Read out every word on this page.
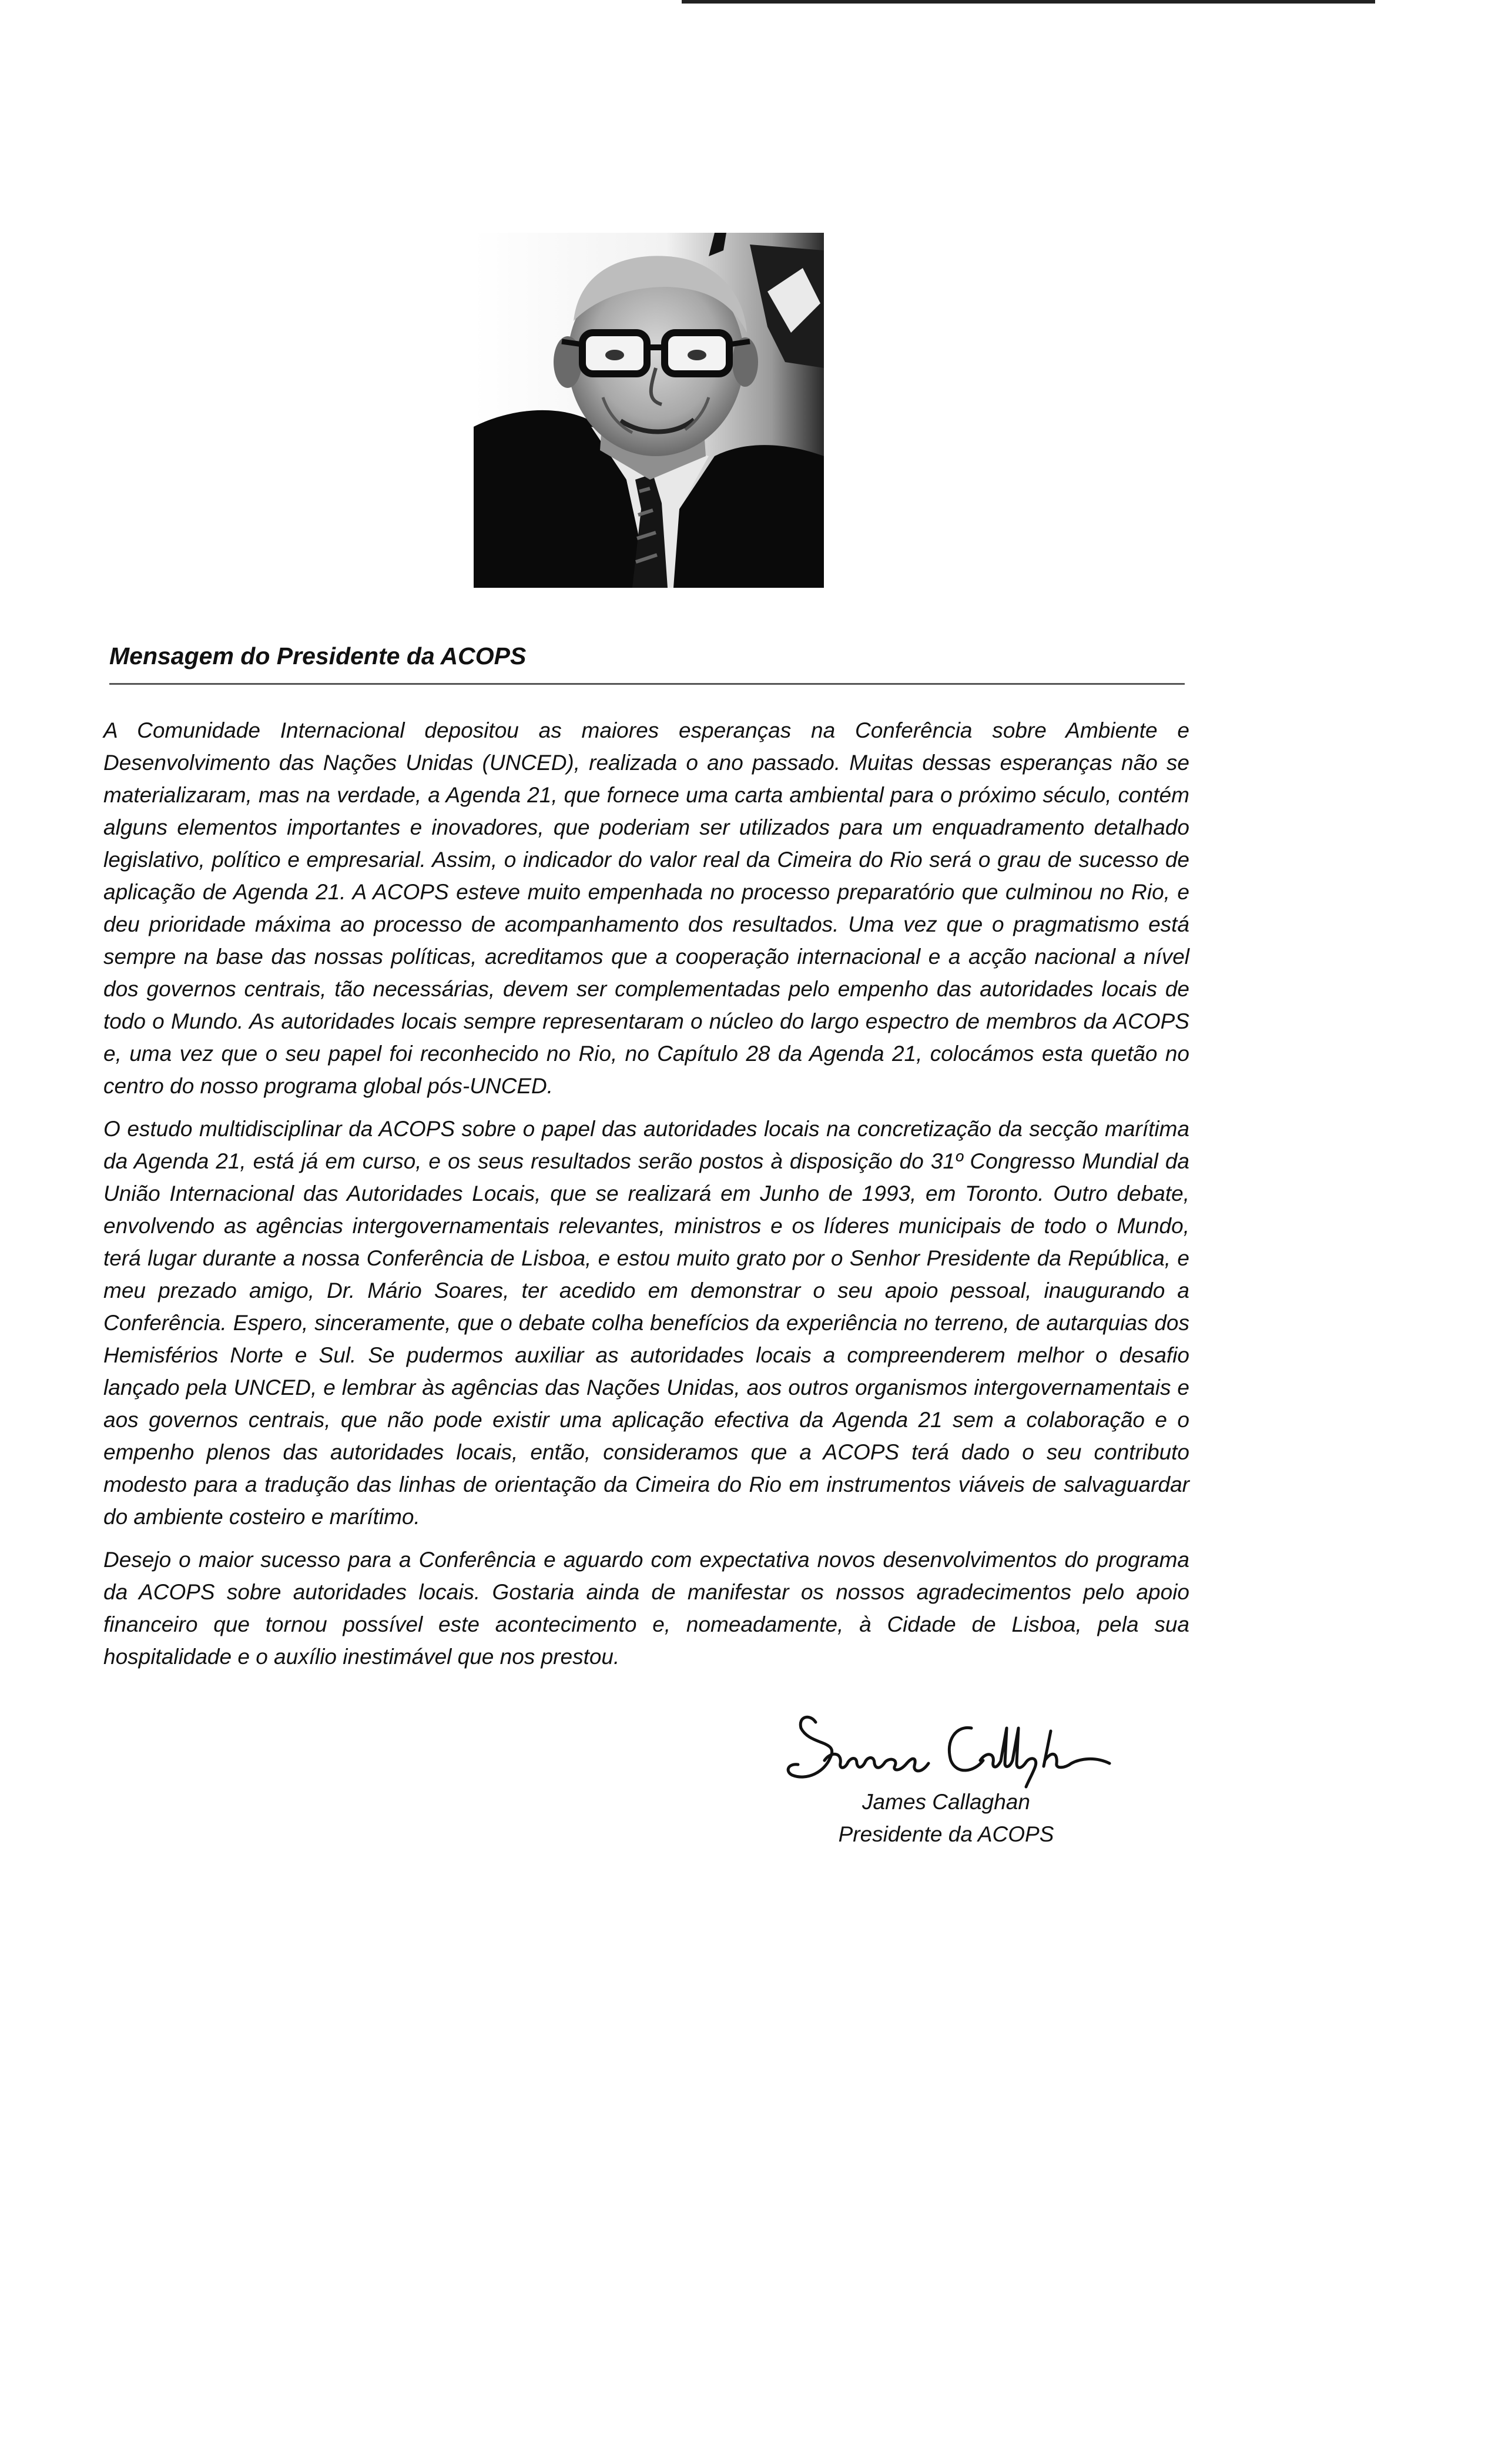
Mensagem do Presidente da ACOPS

A Comunidade Internacional depositou as maiores esperanças na Conferência sobre Ambiente e Desenvolvimento das Nações Unidas (UNCED), realizada o ano passado. Muitas dessas esperanças não se materializaram, mas na verdade, a Agenda 21, que fornece uma carta ambiental para o próximo século, contém alguns elementos importantes e inovadores, que poderiam ser utilizados para um enquadramento detalhado legislativo, político e empresarial. Assim, o indicador do valor real da Cimeira do Rio será o grau de sucesso de aplicação de Agenda 21. A ACOPS esteve muito empenhada no processo preparatório que culminou no Rio, e deu prioridade máxima ao processo de acompanhamento dos resultados. Uma vez que o pragmatismo está sempre na base das nossas políticas, acreditamos que a cooperação internacional e a acção nacional a nível dos governos centrais, tão necessárias, devem ser complementadas pelo empenho das autoridades locais de todo o Mundo. As autoridades locais sempre representaram o núcleo do largo espectro de membros da ACOPS e, uma vez que o seu papel foi reconhecido no Rio, no Capítulo 28 da Agenda 21, colocámos esta quetão no centro do nosso programa global pós-UNCED.

O estudo multidisciplinar da ACOPS sobre o papel das autoridades locais na concretização da secção marítima da Agenda 21, está já em curso, e os seus resultados serão postos à disposição do 31º Congresso Mundial da União Internacional das Autoridades Locais, que se realizará em Junho de 1993, em Toronto. Outro debate, envolvendo as agências intergovernamentais relevantes, ministros e os líderes municipais de todo o Mundo, terá lugar durante a nossa Conferência de Lisboa, e estou muito grato por o Senhor Presidente da República, e meu prezado amigo, Dr. Mário Soares, ter acedido em demonstrar o seu apoio pessoal, inaugurando a Conferência. Espero, sinceramente, que o debate colha benefícios da experiência no terreno, de autarquias dos Hemisférios Norte e Sul. Se pudermos auxiliar as autoridades locais a compreenderem melhor o desafio lançado pela UNCED, e lembrar às agências das Nações Unidas, aos outros organismos intergovernamentais e aos governos centrais, que não pode existir uma aplicação efectiva da Agenda 21 sem a colaboração e o empenho plenos das autoridades locais, então, consideramos que a ACOPS terá dado o seu contributo modesto para a tradução das linhas de orientação da Cimeira do Rio em instrumentos viáveis de salvaguardar do ambiente costeiro e marítimo.

Desejo o maior sucesso para a Conferência e aguardo com expectativa novos desenvolvimentos do programa da ACOPS sobre autoridades locais. Gostaria ainda de manifestar os nossos agradecimentos pelo apoio financeiro que tornou possível este acontecimento e, nomeadamente, à Cidade de Lisboa, pela sua hospitalidade e o auxílio inestimável que nos prestou.

James Callaghan
Presidente da ACOPS
